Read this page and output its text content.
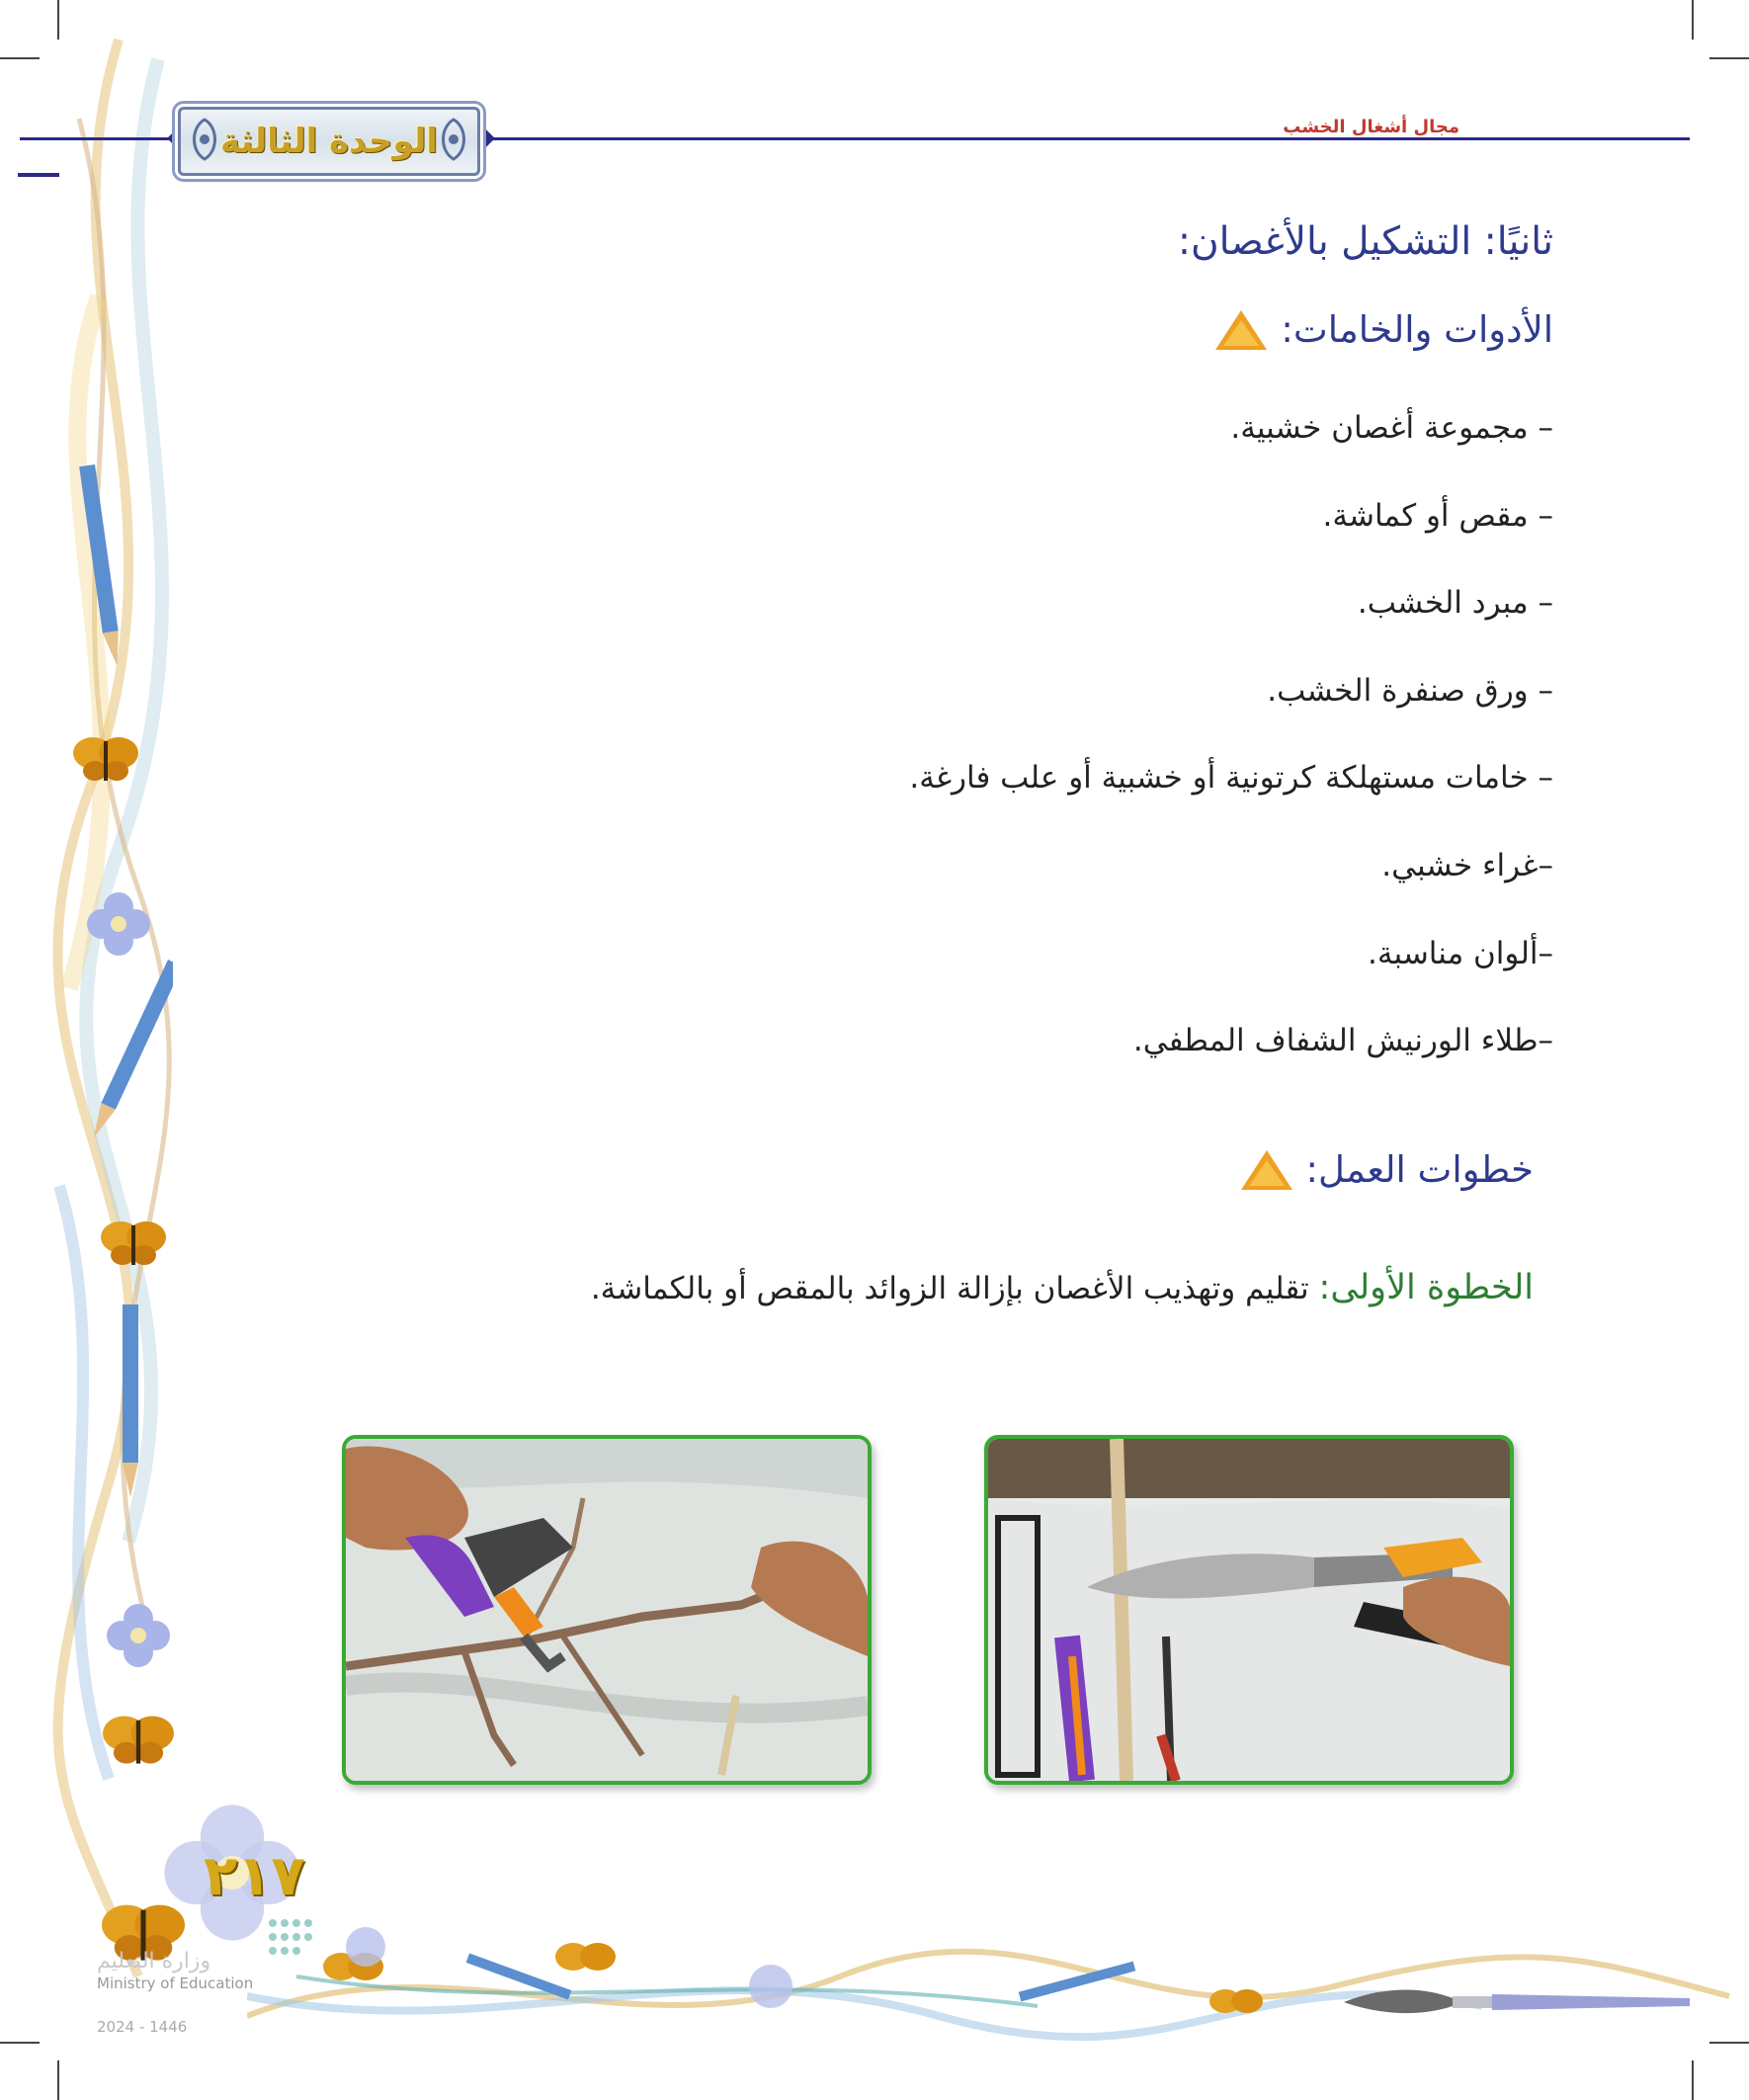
الوحدة الثالثة	مجال أشغال الخشب
ثانيًا: التشكيل بالأغصان:
الأدوات والخامات:
– مجموعة أغصان خشبية.
– مقص أو كماشة.
– مبرد الخشب.
– ورق صنفرة الخشب.
– خامات مستهلكة كرتونية أو خشبية أو علب فارغة.
–غراء خشبي.
–ألوان مناسبة.
–طلاء الورنيش الشفاف المطفي.
خطوات العمل:
الخطوة الأولى: تقليم وتهذيب الأغصان بإزالة الزوائد بالمقص أو بالكماشة.
٢١٧
وزارة التعليم
Ministry of Education
2024 - 1446
